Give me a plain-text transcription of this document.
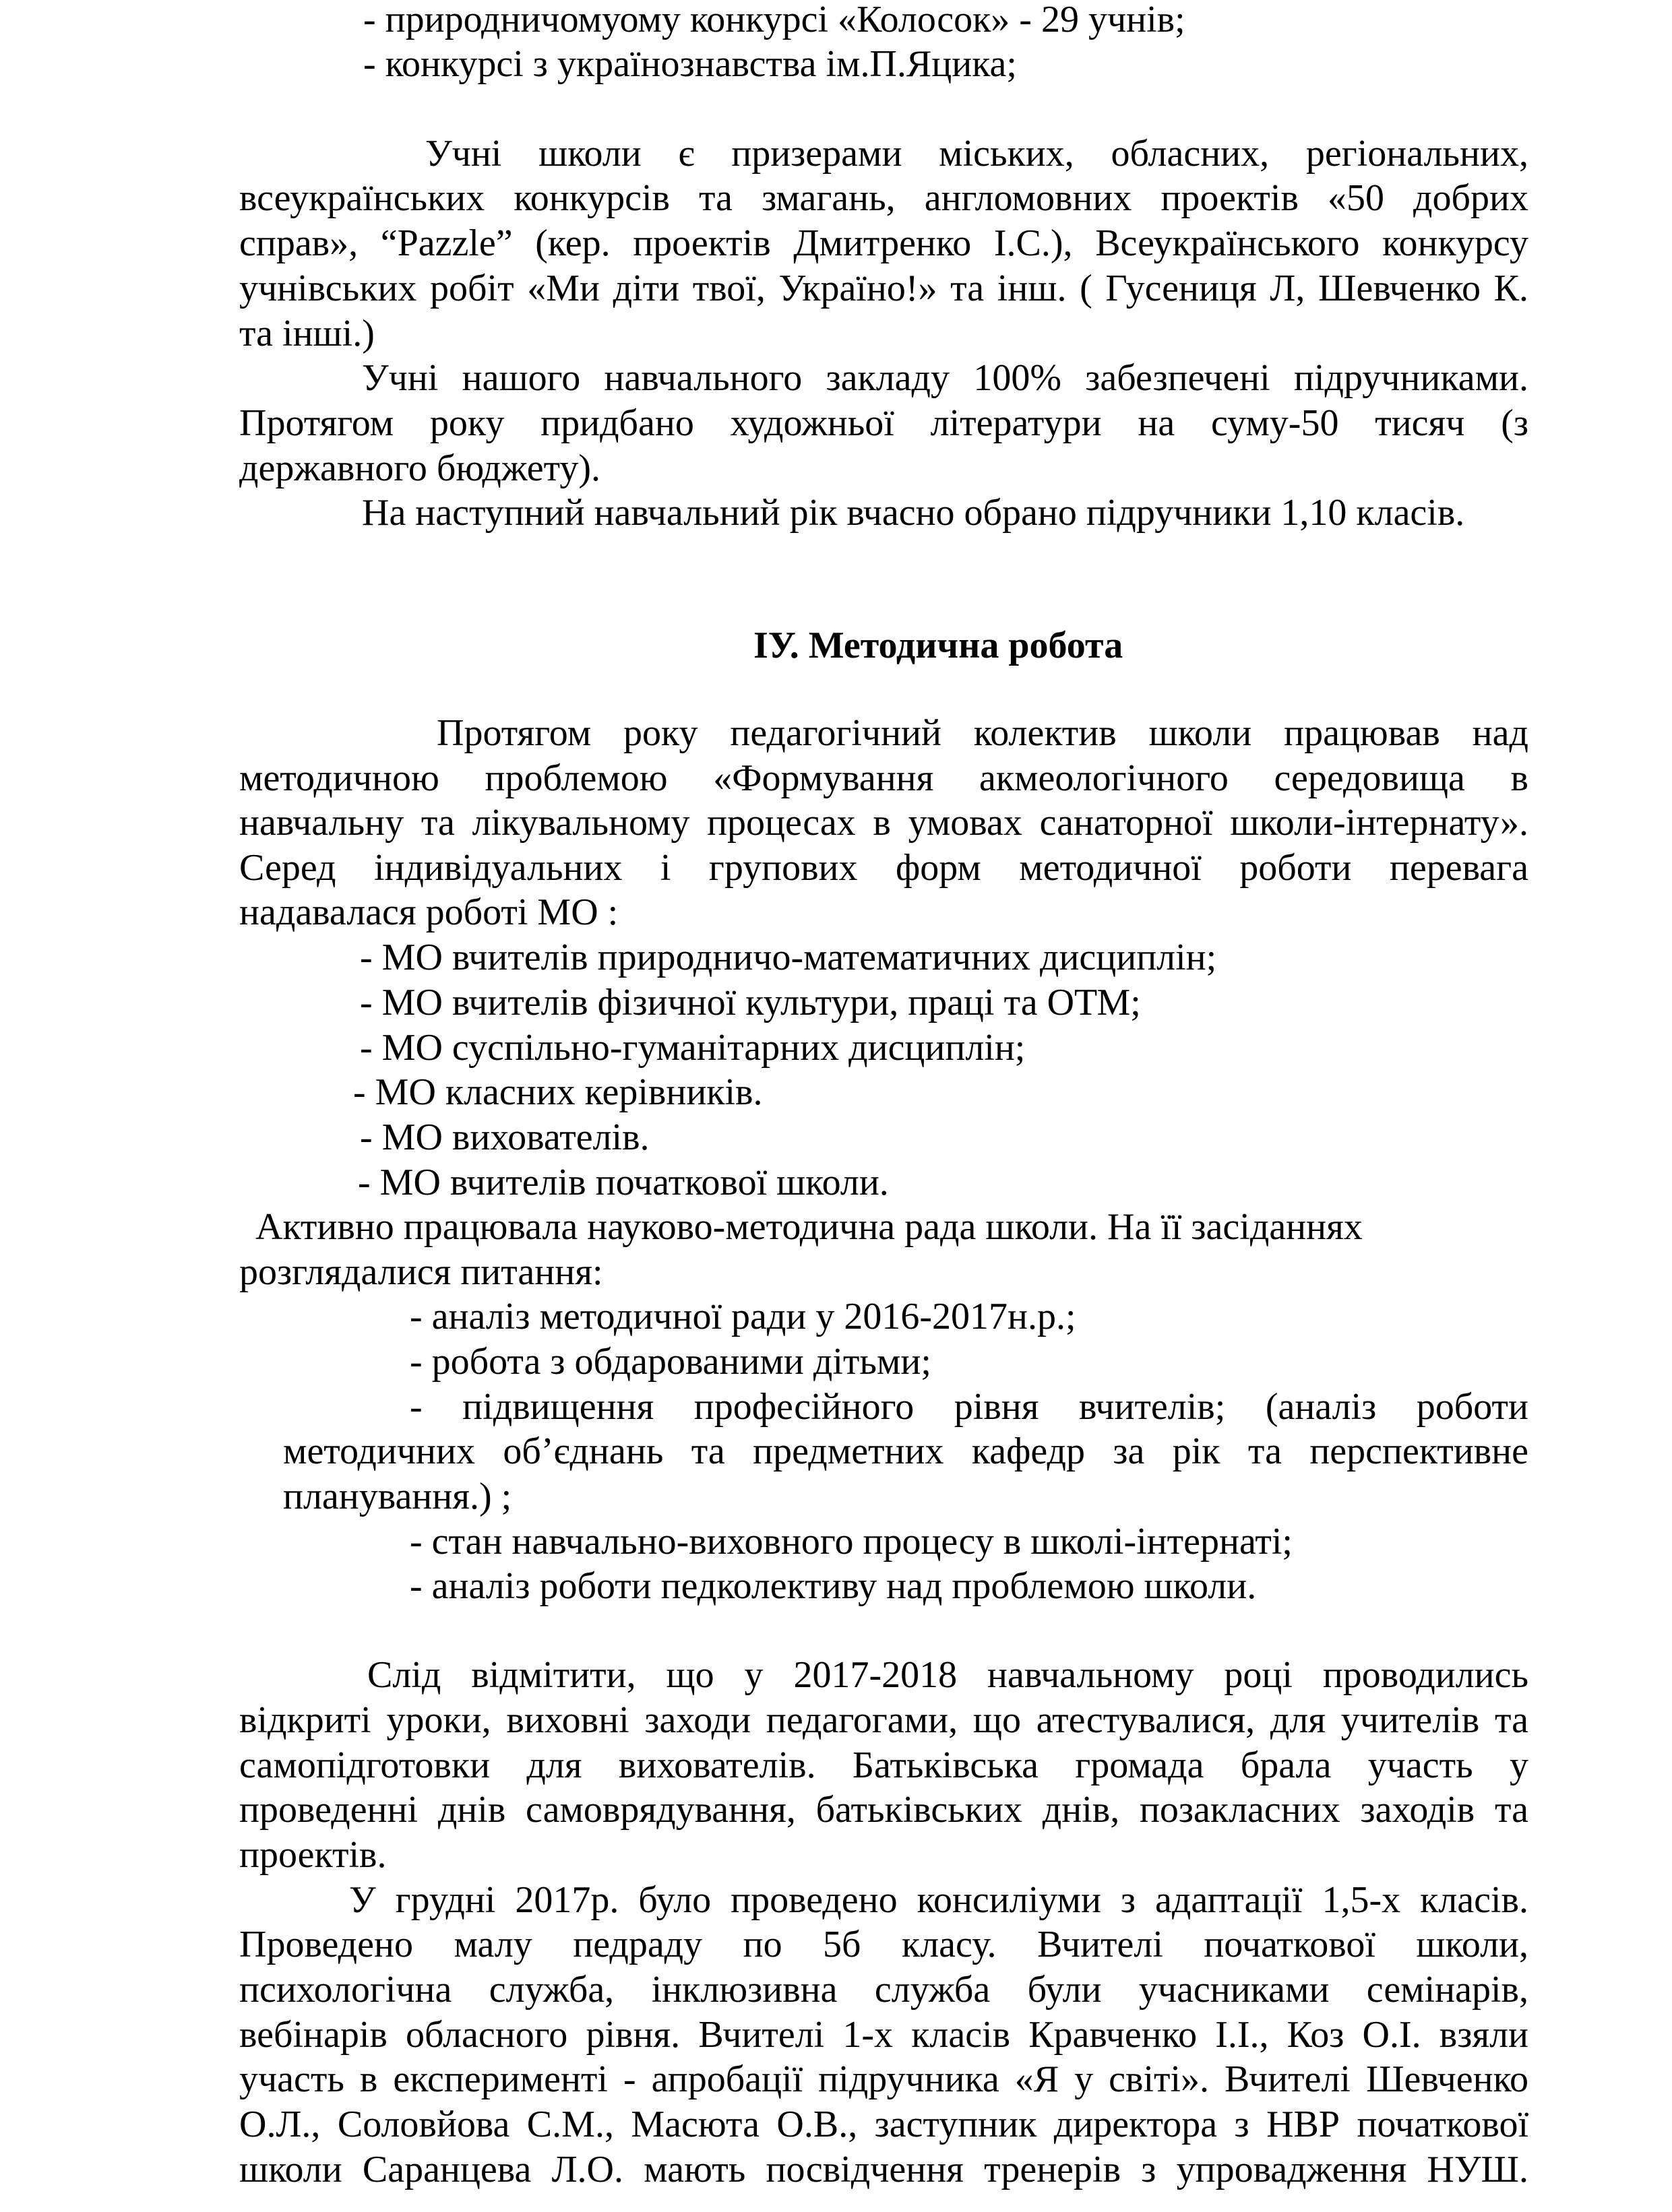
- природничомуому конкурсі «Колосок» - 29 учнів;

- конкурсі з українознавства ім.П.Яцика;

Учні школи є призерами міських, обласних, регіональних,

всеукраїнських конкурсів та змагань, англомовних проектів «50 добрих

справ», “Pazzle” (кер. проектів Дмитренко І.С.), Всеукраїнського конкурсу

учнівських робіт «Ми діти твої, Україно!» та інш. ( Гусениця Л, Шевченко К.

та інші.)

Учні нашого навчального закладу 100% забезпечені підручниками.

Протягом року придбано художньої літератури на суму-50 тисяч (з

державного бюджету).

На наступний навчальний рік вчасно обрано підручники 1,10 класів.

ІУ. Методична робота

Протягом року педагогічний колектив школи працював над

методичною проблемою «Формування акмеологічного середовища в

навчальну та лікувальному процесах в умовах санаторної школи-інтернату».

Серед індивідуальних і групових форм методичної роботи перевага

надавалася роботі МО :

- МО вчителів природничо-математичних дисциплін;

- МО вчителів фізичної культури, праці та ОТМ;

- МО суспільно-гуманітарних дисциплін;

- МО класних керівників.

- МО вихователів.

- МО вчителів початкової школи.

Активно працювала науково-методична рада школи. На її засіданнях

розглядалися питання:

- аналіз методичної ради у 2016-2017н.р.;

- робота з обдарованими дітьми;

- підвищення професійного рівня вчителів; (аналіз роботи

методичних об’єднань та предметних кафедр за рік та перспективне

планування.) ;

- стан навчально-виховного процесу в школі-інтернаті;

- аналіз роботи педколективу над проблемою школи.

Слід відмітити, що у 2017-2018 навчальному році проводились

відкриті уроки, виховні заходи педагогами, що атестувалися, для учителів та

самопідготовки для вихователів. Батьківська громада брала участь у

проведенні днів самоврядування, батьківських днів, позакласних заходів та

проектів.

У грудні 2017р. було проведено консиліуми з адаптації 1,5-х класів.

Проведено малу педраду по 5б класу. Вчителі початкової школи,

психологічна служба, інклюзивна служба були учасниками семінарів,

вебінарів обласного рівня. Вчителі 1-х класів Кравченко І.І., Коз О.І. взяли

участь в експерименті - апробації підручника «Я у світі». Вчителі Шевченко

О.Л., Соловйова С.М., Масюта О.В., заступник директора з НВР початкової

школи Саранцева Л.О. мають посвідчення тренерів з упровадження НУШ.
